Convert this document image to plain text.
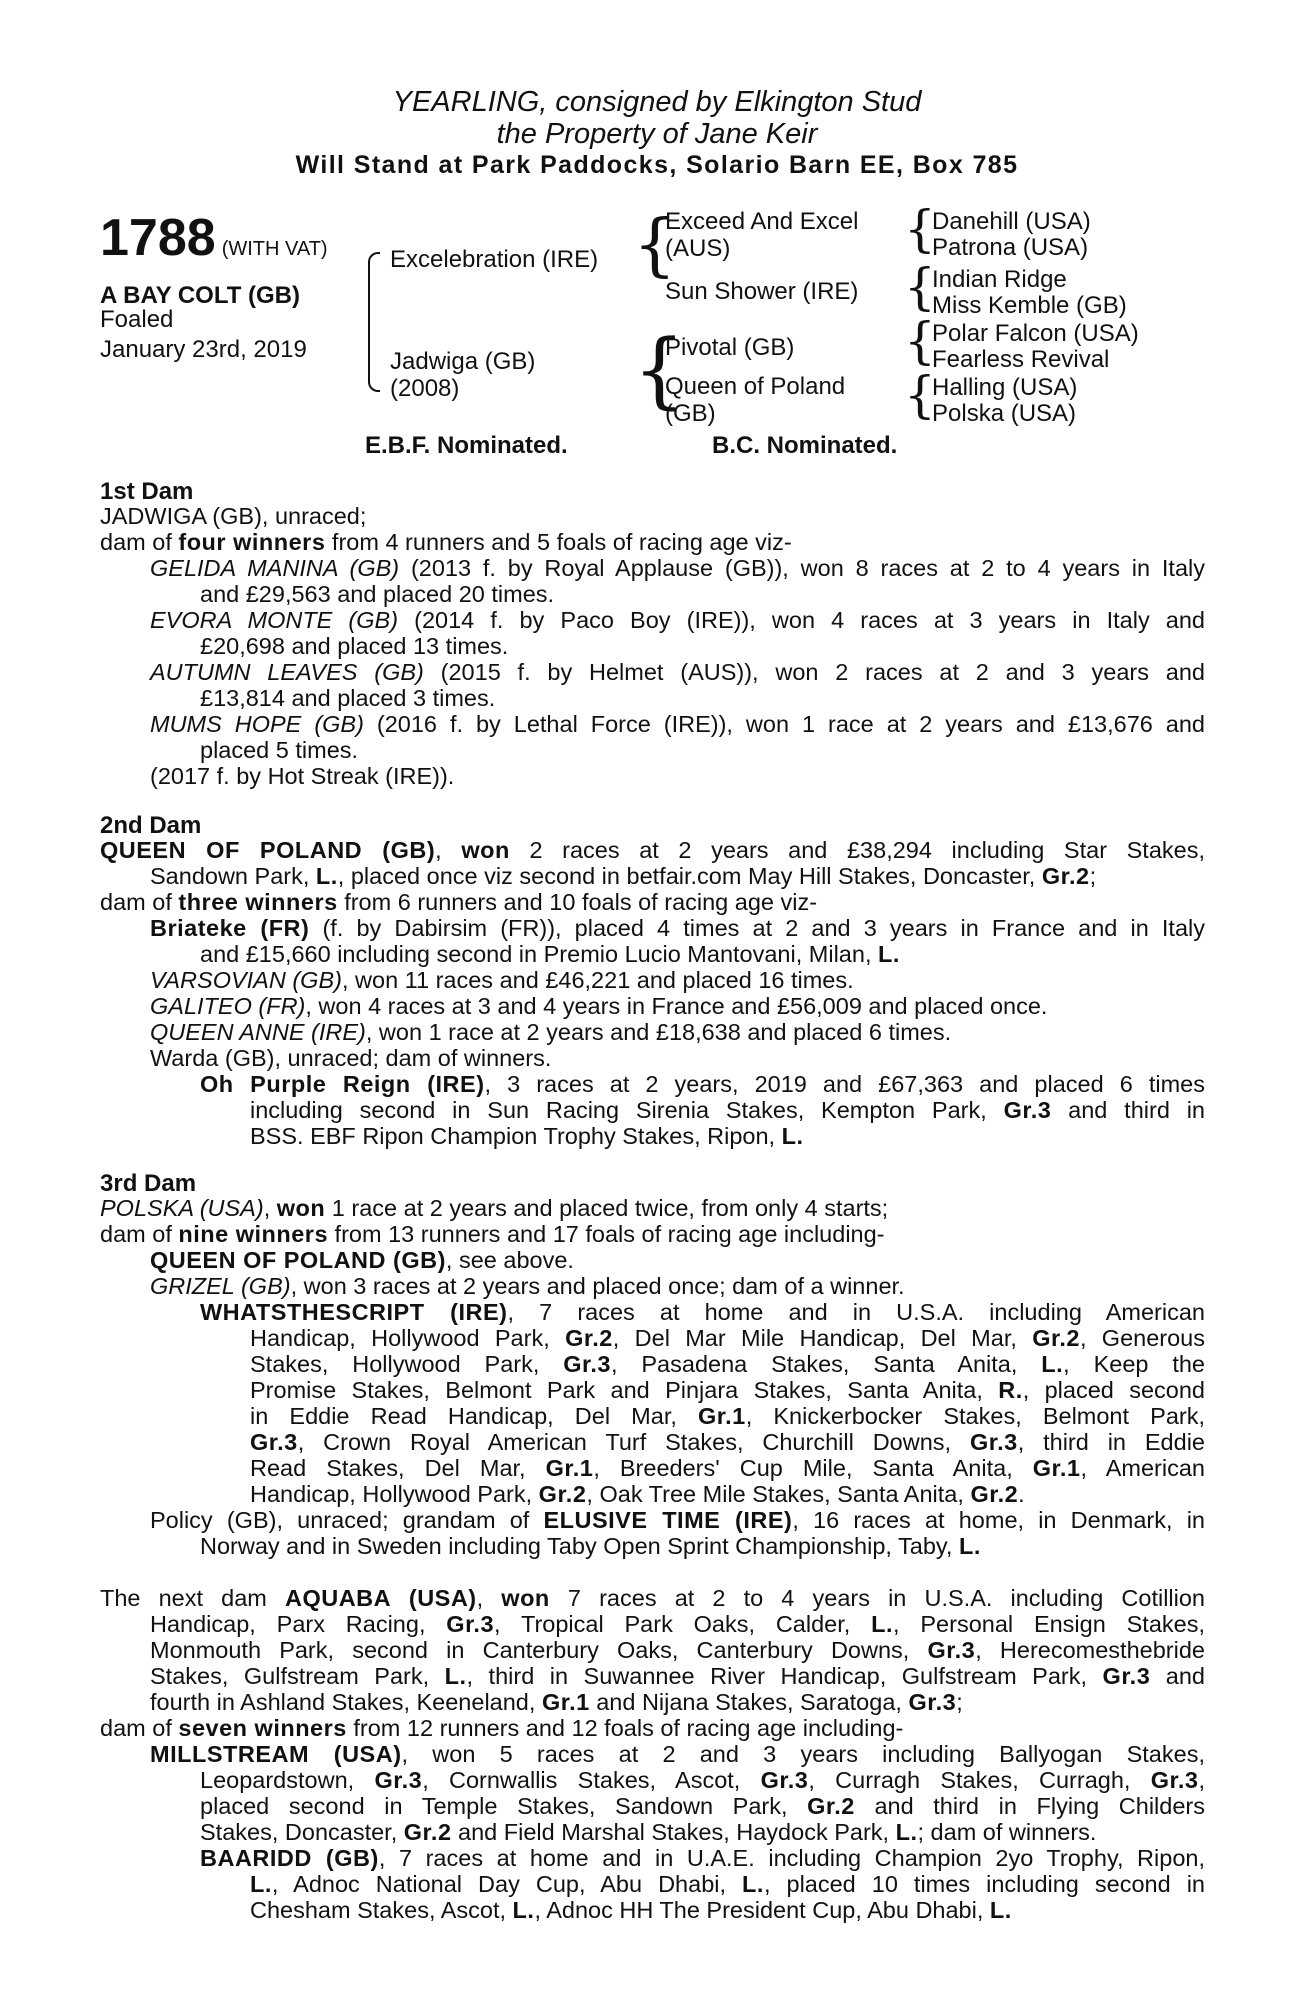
YEARLING, consigned by Elkington Stud
the Property of Jane Keir
Will Stand at Park Paddocks, Solario Barn EE, Box 785
1788 (WITH VAT)
A BAY COLT (GB)
Foaled
January 23rd, 2019
Excelebration (IRE)
Jadwiga (GB)
(2008)
{
Exceed And Excel
(AUS)
Sun Shower (IRE)
{
Pivotal (GB)
Queen of Poland
(GB)
{
Danehill (USA)
Patrona (USA)
{
Indian Ridge
Miss Kemble (GB)
{
Polar Falcon (USA)
Fearless Revival
{
Halling (USA)
Polska (USA)
E.B.F. Nominated.	B.C. Nominated.
1st Dam
JADWIGA (GB), unraced;
dam of four winners from 4 runners and 5 foals of racing age viz-
GELIDA MANINA (GB) (2013 f. by Royal Applause (GB)), won 8 races at 2 to 4 years in Italy
and £29,563 and placed 20 times.
EVORA MONTE (GB) (2014 f. by Paco Boy (IRE)), won 4 races at 3 years in Italy and
£20,698 and placed 13 times.
AUTUMN LEAVES (GB) (2015 f. by Helmet (AUS)), won 2 races at 2 and 3 years and
£13,814 and placed 3 times.
MUMS HOPE (GB) (2016 f. by Lethal Force (IRE)), won 1 race at 2 years and £13,676 and
placed 5 times.
(2017 f. by Hot Streak (IRE)).
2nd Dam
QUEEN OF POLAND (GB), won 2 races at 2 years and £38,294 including Star Stakes,
Sandown Park, L., placed once viz second in betfair.com May Hill Stakes, Doncaster, Gr.2;
dam of three winners from 6 runners and 10 foals of racing age viz-
Briateke (FR) (f. by Dabirsim (FR)), placed 4 times at 2 and 3 years in France and in Italy
and £15,660 including second in Premio Lucio Mantovani, Milan, L.
VARSOVIAN (GB), won 11 races and £46,221 and placed 16 times.
GALITEO (FR), won 4 races at 3 and 4 years in France and £56,009 and placed once.
QUEEN ANNE (IRE), won 1 race at 2 years and £18,638 and placed 6 times.
Warda (GB), unraced; dam of winners.
Oh Purple Reign (IRE), 3 races at 2 years, 2019 and £67,363 and placed 6 times
including second in Sun Racing Sirenia Stakes, Kempton Park, Gr.3 and third in
BSS. EBF Ripon Champion Trophy Stakes, Ripon, L.
3rd Dam
POLSKA (USA), won 1 race at 2 years and placed twice, from only 4 starts;
dam of nine winners from 13 runners and 17 foals of racing age including-
QUEEN OF POLAND (GB), see above.
GRIZEL (GB), won 3 races at 2 years and placed once; dam of a winner.
WHATSTHESCRIPT (IRE), 7 races at home and in U.S.A. including American
Handicap, Hollywood Park, Gr.2, Del Mar Mile Handicap, Del Mar, Gr.2, Generous
Stakes, Hollywood Park, Gr.3, Pasadena Stakes, Santa Anita, L., Keep the
Promise Stakes, Belmont Park and Pinjara Stakes, Santa Anita, R., placed second
in Eddie Read Handicap, Del Mar, Gr.1, Knickerbocker Stakes, Belmont Park,
Gr.3, Crown Royal American Turf Stakes, Churchill Downs, Gr.3, third in Eddie
Read Stakes, Del Mar, Gr.1, Breeders' Cup Mile, Santa Anita, Gr.1, American
Handicap, Hollywood Park, Gr.2, Oak Tree Mile Stakes, Santa Anita, Gr.2.
Policy (GB), unraced; grandam of ELUSIVE TIME (IRE), 16 races at home, in Denmark, in
Norway and in Sweden including Taby Open Sprint Championship, Taby, L.
The next dam AQUABA (USA), won 7 races at 2 to 4 years in U.S.A. including Cotillion
Handicap, Parx Racing, Gr.3, Tropical Park Oaks, Calder, L., Personal Ensign Stakes,
Monmouth Park, second in Canterbury Oaks, Canterbury Downs, Gr.3, Herecomesthebride
Stakes, Gulfstream Park, L., third in Suwannee River Handicap, Gulfstream Park, Gr.3 and
fourth in Ashland Stakes, Keeneland, Gr.1 and Nijana Stakes, Saratoga, Gr.3;
dam of seven winners from 12 runners and 12 foals of racing age including-
MILLSTREAM (USA), won 5 races at 2 and 3 years including Ballyogan Stakes,
Leopardstown, Gr.3, Cornwallis Stakes, Ascot, Gr.3, Curragh Stakes, Curragh, Gr.3,
placed second in Temple Stakes, Sandown Park, Gr.2 and third in Flying Childers
Stakes, Doncaster, Gr.2 and Field Marshal Stakes, Haydock Park, L.; dam of winners.
BAARIDD (GB), 7 races at home and in U.A.E. including Champion 2yo Trophy, Ripon,
L., Adnoc National Day Cup, Abu Dhabi, L., placed 10 times including second in
Chesham Stakes, Ascot, L., Adnoc HH The President Cup, Abu Dhabi, L.
